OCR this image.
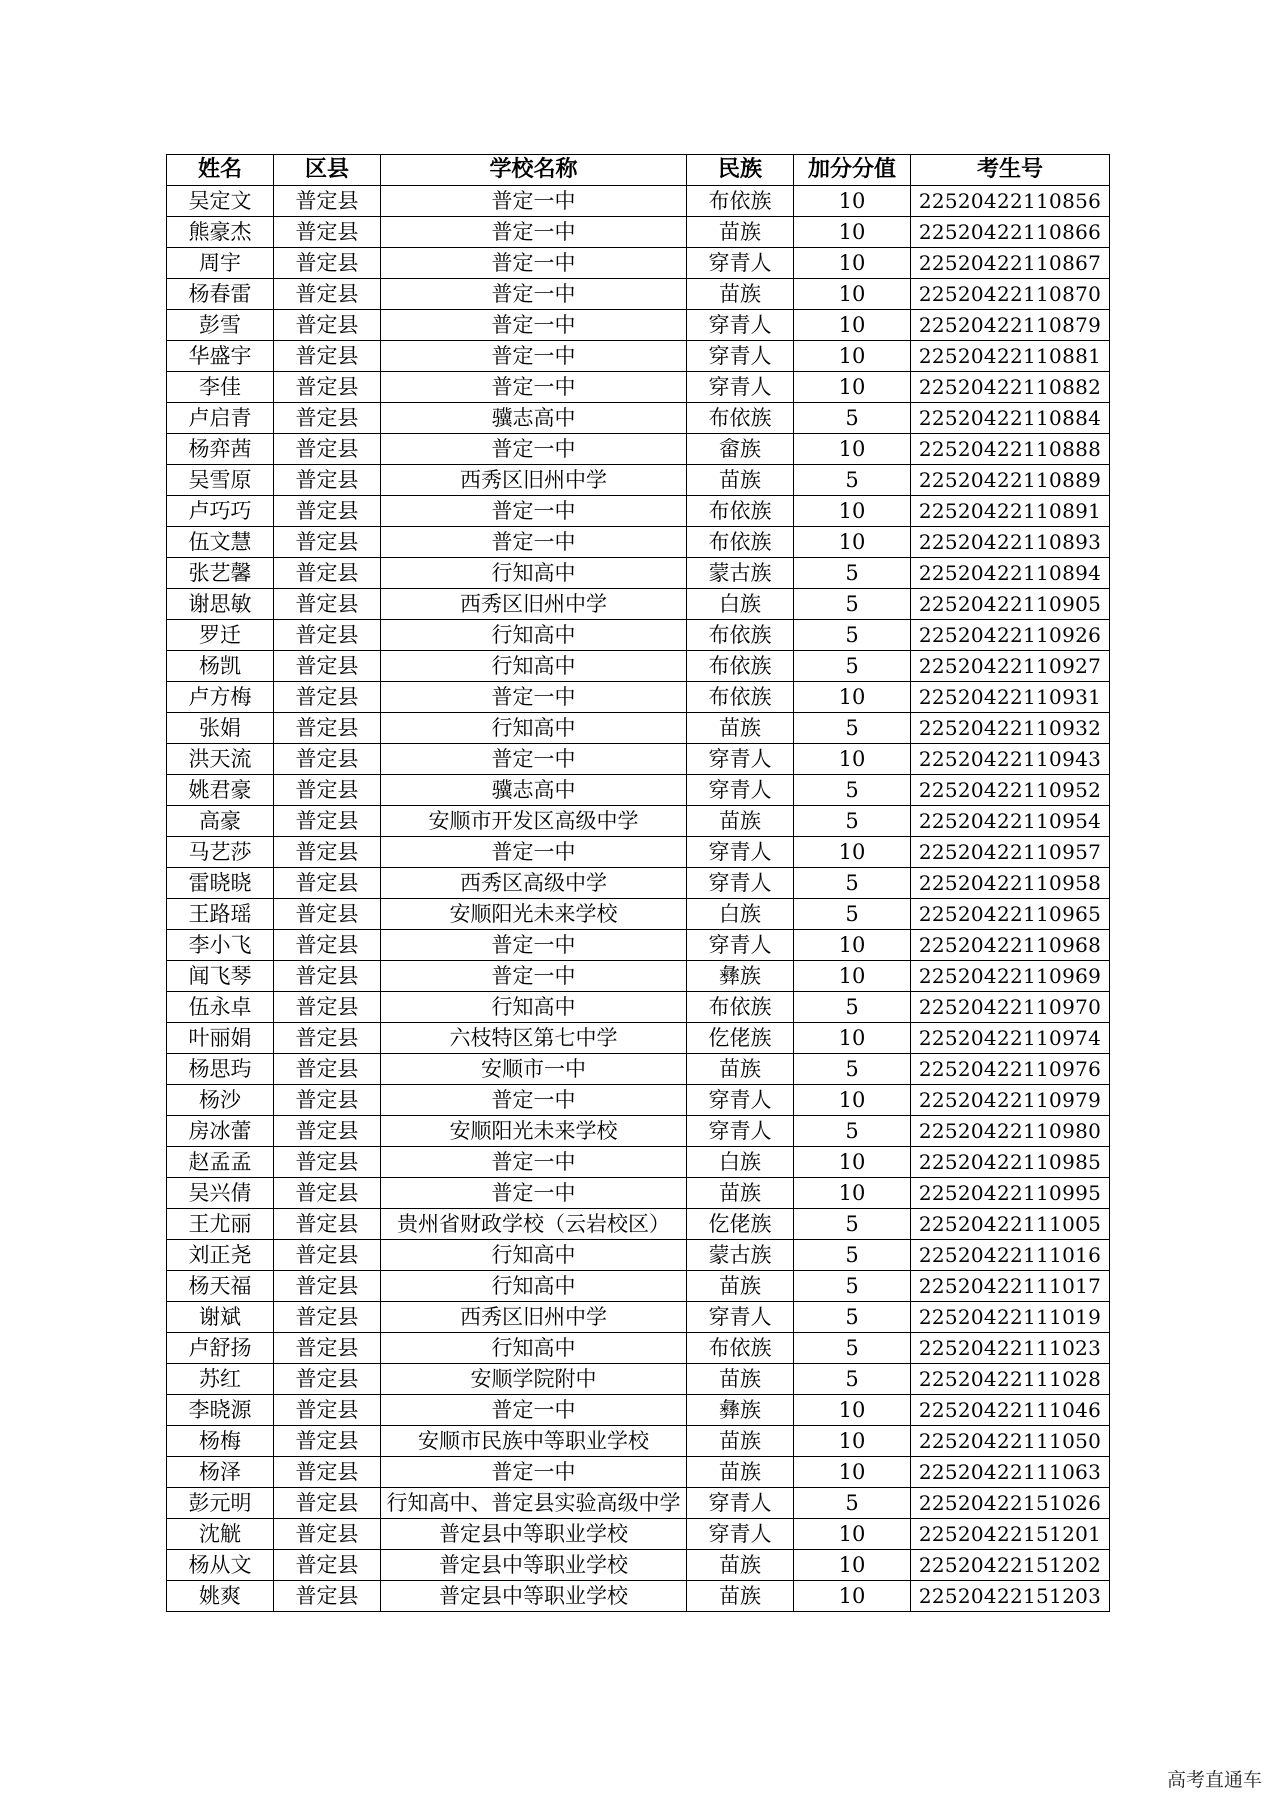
姓名	区县	学校名称	民族	加分分值	考生号
吴定文	普定县	普定一中	布依族	10	22520422110856
熊豪杰	普定县	普定一中	苗族	10	22520422110866
周宇	普定县	普定一中	穿青人	10	22520422110867
杨春雷	普定县	普定一中	苗族	10	22520422110870
彭雪	普定县	普定一中	穿青人	10	22520422110879
华盛宇	普定县	普定一中	穿青人	10	22520422110881
李佳	普定县	普定一中	穿青人	10	22520422110882
卢启青	普定县	骥志高中	布依族	5	22520422110884
杨弈茜	普定县	普定一中	畲族	10	22520422110888
吴雪原	普定县	西秀区旧州中学	苗族	5	22520422110889
卢巧巧	普定县	普定一中	布依族	10	22520422110891
伍文慧	普定县	普定一中	布依族	10	22520422110893
张艺馨	普定县	行知高中	蒙古族	5	22520422110894
谢思敏	普定县	西秀区旧州中学	白族	5	22520422110905
罗迁	普定县	行知高中	布依族	5	22520422110926
杨凯	普定县	行知高中	布依族	5	22520422110927
卢方梅	普定县	普定一中	布依族	10	22520422110931
张娟	普定县	行知高中	苗族	5	22520422110932
洪天流	普定县	普定一中	穿青人	10	22520422110943
姚君豪	普定县	骥志高中	穿青人	5	22520422110952
高豪	普定县	安顺市开发区高级中学	苗族	5	22520422110954
马艺莎	普定县	普定一中	穿青人	10	22520422110957
雷晓晓	普定县	西秀区高级中学	穿青人	5	22520422110958
王路瑶	普定县	安顺阳光未来学校	白族	5	22520422110965
李小飞	普定县	普定一中	穿青人	10	22520422110968
闻飞琴	普定县	普定一中	彝族	10	22520422110969
伍永卓	普定县	行知高中	布依族	5	22520422110970
叶丽娟	普定县	六枝特区第七中学	仡佬族	10	22520422110974
杨思玙	普定县	安顺市一中	苗族	5	22520422110976
杨沙	普定县	普定一中	穿青人	10	22520422110979
房冰蕾	普定县	安顺阳光未来学校	穿青人	5	22520422110980
赵孟孟	普定县	普定一中	白族	10	22520422110985
吴兴倩	普定县	普定一中	苗族	10	22520422110995
王尤丽	普定县	贵州省财政学校（云岩校区）	仡佬族	5	22520422111005
刘正尧	普定县	行知高中	蒙古族	5	22520422111016
杨天福	普定县	行知高中	苗族	5	22520422111017
谢斌	普定县	西秀区旧州中学	穿青人	5	22520422111019
卢舒扬	普定县	行知高中	布依族	5	22520422111023
苏红	普定县	安顺学院附中	苗族	5	22520422111028
李晓源	普定县	普定一中	彝族	10	22520422111046
杨梅	普定县	安顺市民族中等职业学校	苗族	10	22520422111050
杨泽	普定县	普定一中	苗族	10	22520422111063
彭元明	普定县	行知高中、普定县实验高级中学	穿青人	5	22520422151026
沈觥	普定县	普定县中等职业学校	穿青人	10	22520422151201
杨从文	普定县	普定县中等职业学校	苗族	10	22520422151202
姚爽	普定县	普定县中等职业学校	苗族	10	22520422151203
高考直通车
